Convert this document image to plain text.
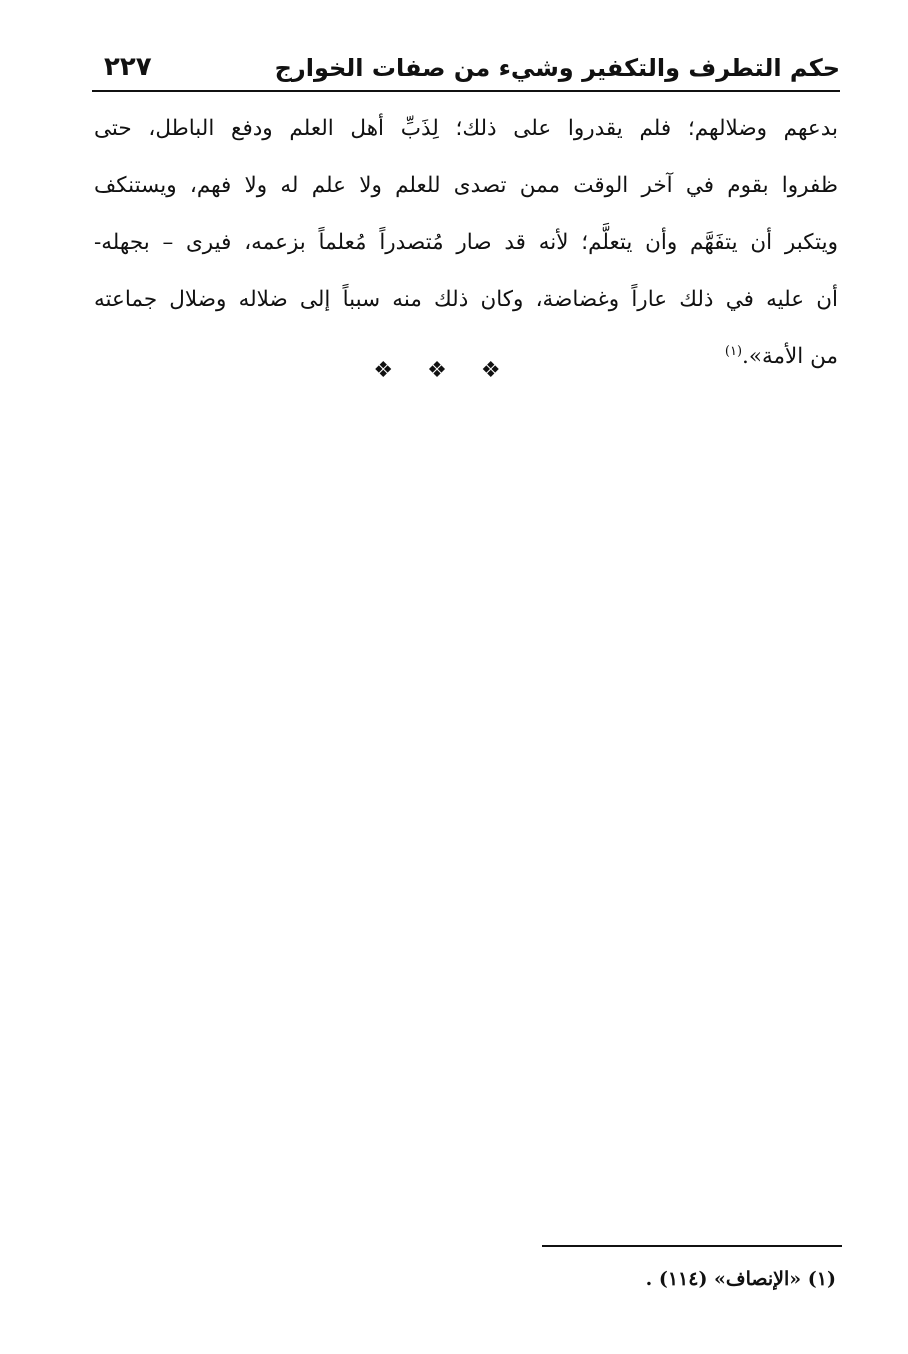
حكم التطرف والتكفير وشيء من صفات الخوارج
٢٢٧
بدعهم وضلالهم؛ فلم يقدروا على ذلك؛ لِذَبِّ أهل العلم ودفع الباطل، حتى
ظفروا بقوم في آخر الوقت ممن تصدى للعلم ولا علم له ولا فهم، ويستنكف
ويتكبر أن يتفَهَّم وأن يتعلَّم؛ لأنه قد صار مُتصدراً مُعلماً بزعمه، فيرى – بجهله-
أن عليه في ذلك عاراً وغضاضة، وكان ذلك منه سبباً إلى ضلاله وضلال جماعته
من الأمة».$^{(١)}$
❖❖❖
(١) «الإنصاف» (١١٤) .
